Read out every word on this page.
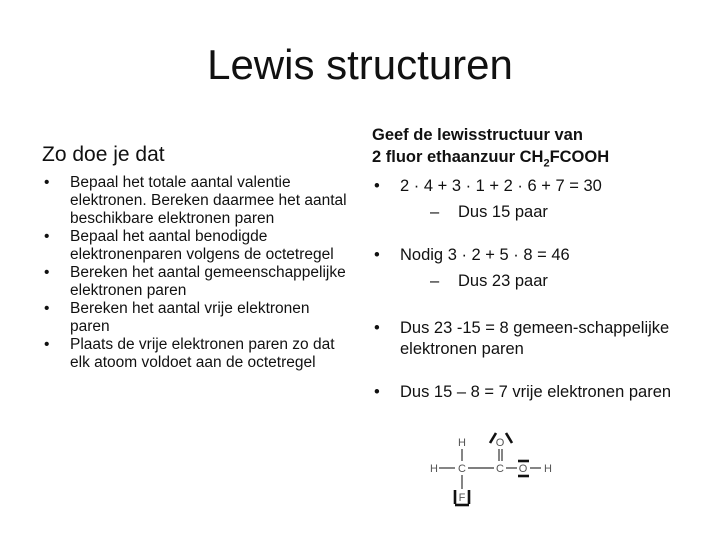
Lewis structuren
Zo doe je dat
• Bepaal het totale aantal valentie elektronen. Bereken daarmee het aantal beschikbare elektronen paren
• Bepaal het aantal benodigde elektronenparen volgens de octetregel
• Bereken het aantal gemeenschappelijke elektronen paren
• Bereken het aantal vrije elektronen paren
• Plaats de vrije elektronen paren zo dat elk atoom voldoet aan de octetregel
Geef de lewisstructuur van
2 fluor ethaanzuur $CH_2FCOOH$
• 2 · 4 + 3 · 1 + 2 · 6 + 7 = 30
– Dus 15 paar
• Nodig 3 · 2 + 5 · 8 = 46
– Dus 23 paar
• Dus 23 -15 = 8 gemeen-schappelijke elektronen paren
• Dus 15 – 8 = 7 vrije elektronen paren
H
H C	C
O
O H
F
